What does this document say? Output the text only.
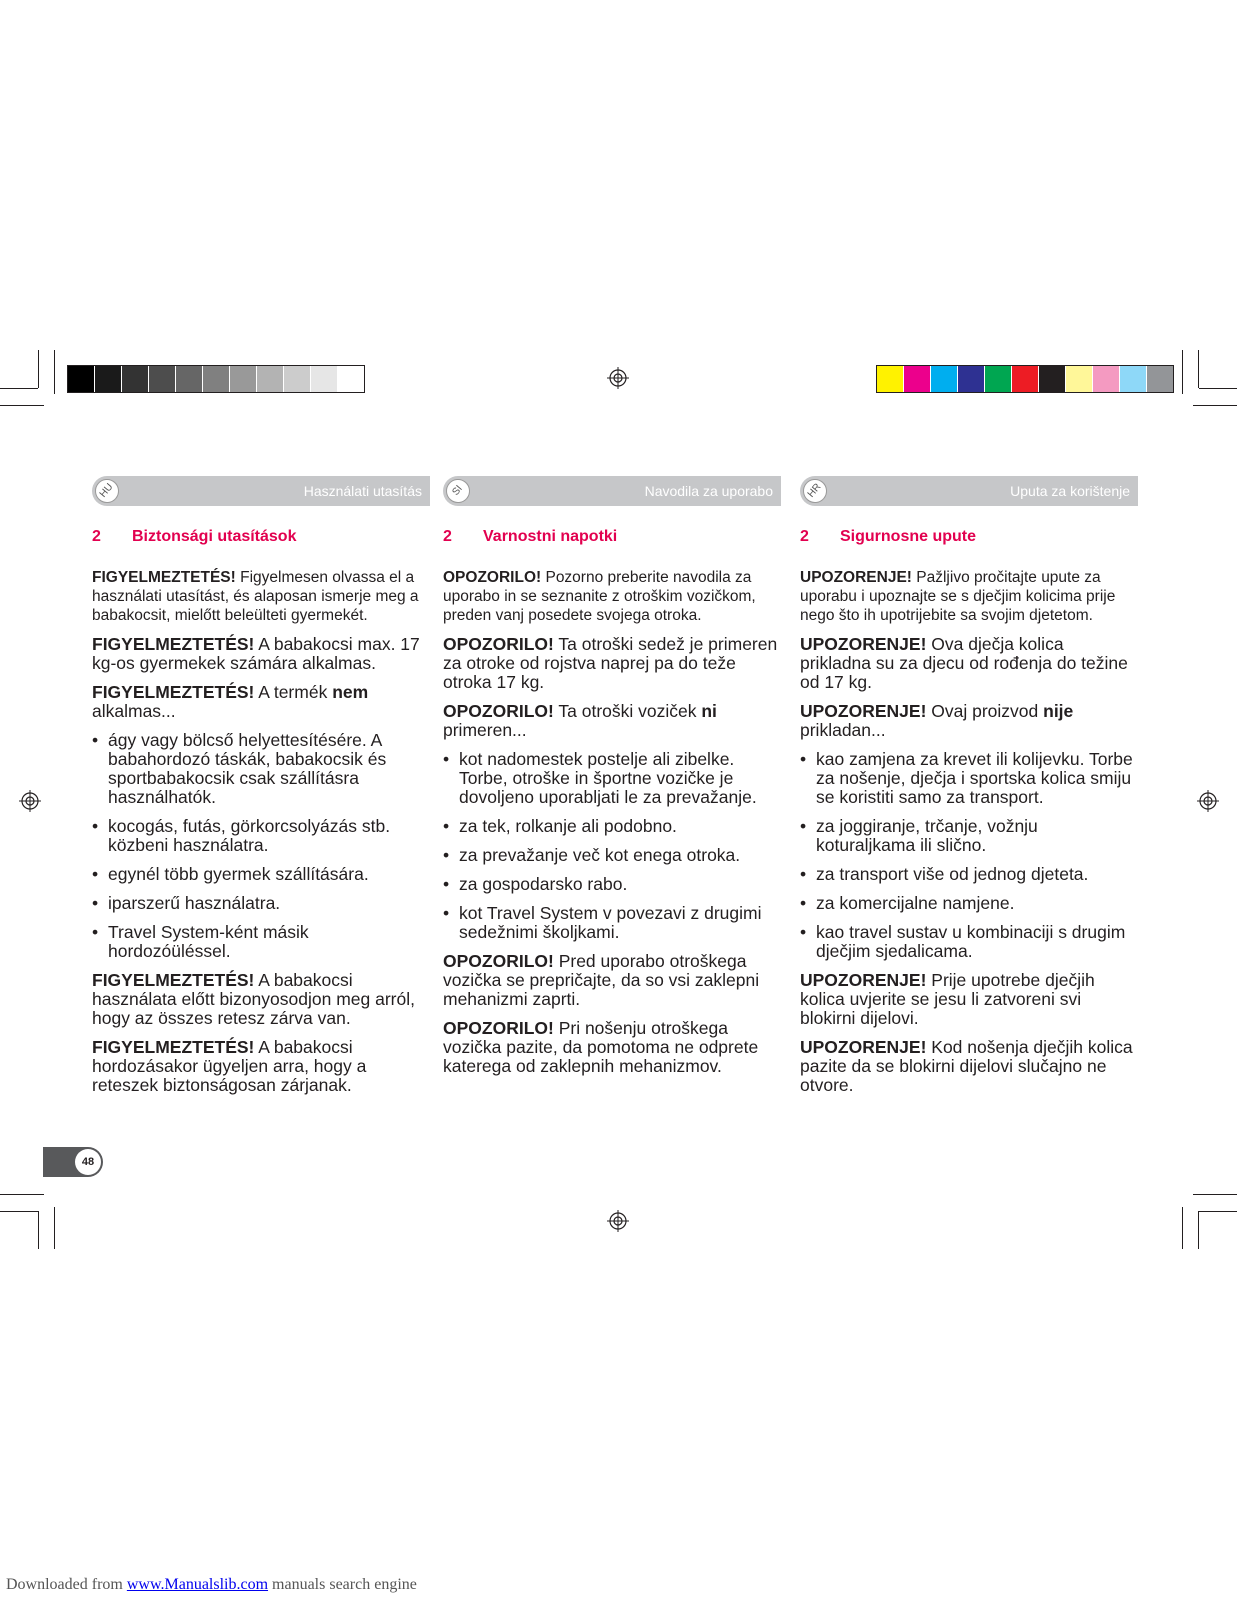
HU	Használati utasítás
2	Biztonsági utasítások

FIGYELMEZTETÉS! Figyelmesen olvassa el a használati utasítást, és alaposan ismerje meg a babakocsit, mielőtt beleülteti gyermekét.

FIGYELMEZTETÉS! A babakocsi max. 17 kg-os gyermekek számára alkalmas.

FIGYELMEZTETÉS! A termék nem alkalmas...

• ágy vagy bölcső helyettesítésére. A babahordozó táskák, babakocsik és sportbabakocsik csak szállításra használhatók.
• kocogás, futás, görkorcsolyázás stb. közbeni használatra.
• egynél több gyermek szállítására.
• iparszerű használatra.
• Travel System-ként másik hordozóüléssel.

FIGYELMEZTETÉS! A babakocsi használata előtt bizonyosodjon meg arról, hogy az összes retesz zárva van.

FIGYELMEZTETÉS! A babakocsi hordozásakor ügyeljen arra, hogy a reteszek biztonságosan zárjanak.

SI	Navodila za uporabo
2	Varnostni napotki

OPOZORILO! Pozorno preberite navodila za uporabo in se seznanite z otroškim vozičkom, preden vanj posedete svojega otroka.

OPOZORILO! Ta otroški sedež je primeren za otroke od rojstva naprej pa do teže otroka 17 kg.

OPOZORILO! Ta otroški voziček ni primeren...

• kot nadomestek postelje ali zibelke. Torbe, otroške in športne vozičke je dovoljeno uporabljati le za prevažanje.
• za tek, rolkanje ali podobno.
• za prevažanje več kot enega otroka.
• za gospodarsko rabo.
• kot Travel System v povezavi z drugimi sedežnimi školjkami.

OPOZORILO! Pred uporabo otroškega vozička se prepričajte, da so vsi zaklepni mehanizmi zaprti.

OPOZORILO! Pri nošenju otroškega vozička pazite, da pomotoma ne odprete katerega od zaklepnih mehanizmov.

HR	Uputa za korištenje
2	Sigurnosne upute

UPOZORENJE! Pažljivo pročitajte upute za uporabu i upoznajte se s dječjim kolicima prije nego što ih upotrijebite sa svojim djetetom.

UPOZORENJE! Ova dječja kolica prikladna su za djecu od rođenja do težine od 17 kg.

UPOZORENJE! Ovaj proizvod nije prikladan...

• kao zamjena za krevet ili kolijevku. Torbe za nošenje, dječja i sportska kolica smiju se koristiti samo za transport.
• za joggiranje, trčanje, vožnju koturaljkama ili slično.
• za transport više od jednog djeteta.
• za komercijalne namjene.
• kao travel sustav u kombinaciji s drugim dječjim sjedalicama.

UPOZORENJE! Prije upotrebe dječjih kolica uvjerite se jesu li zatvoreni svi blokirni dijelovi.

UPOZORENJE! Kod nošenja dječjih kolica pazite da se blokirni dijelovi slučajno ne otvore.

48
Downloaded from www.Manualslib.com manuals search engine
